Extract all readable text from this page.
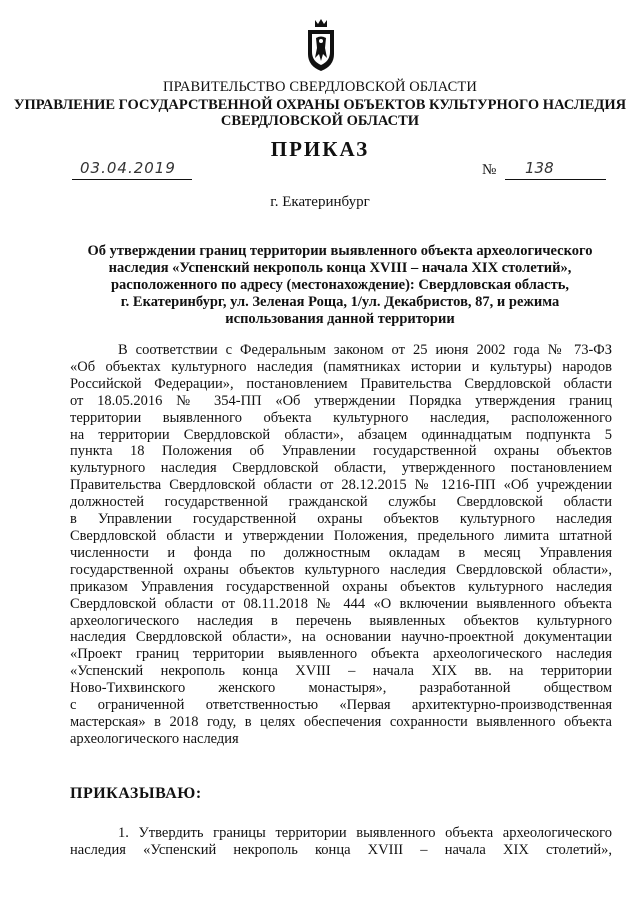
ПРАВИТЕЛЬСТВО СВЕРДЛОВСКОЙ ОБЛАСТИ
УПРАВЛЕНИЕ ГОСУДАРСТВЕННОЙ ОХРАНЫ ОБЪЕКТОВ КУЛЬТУРНОГО НАСЛЕДИЯ
СВЕРДЛОВСКОЙ ОБЛАСТИ
ПРИКАЗ
03.04.2019	№ 138
г. Екатеринбург
Об утверждении границ территории выявленного объекта археологического
наследия «Успенский некрополь конца XVIII – начала XIX столетий»,
расположенного по адресу (местонахождение): Свердловская область,
г. Екатеринбург, ул. Зеленая Роща, 1/ул. Декабристов, 87, и режима
использования данной территории
В соответствии с Федеральным законом от 25 июня 2002 года № 73-ФЗ
«Об объектах культурного наследия (памятниках истории и культуры) народов
Российской Федерации», постановлением Правительства Свердловской области
от 18.05.2016 № 354-ПП «Об утверждении Порядка утверждения границ
территории выявленного объекта культурного наследия, расположенного
на территории Свердловской области», абзацем одиннадцатым подпункта 5
пункта 18 Положения об Управлении государственной охраны объектов
культурного наследия Свердловской области, утвержденного постановлением
Правительства Свердловской области от 28.12.2015 № 1216-ПП «Об учреждении
должностей государственной гражданской службы Свердловской области
в Управлении государственной охраны объектов культурного наследия
Свердловской области и утверждении Положения, предельного лимита штатной
численности и фонда по должностным окладам в месяц Управления
государственной охраны объектов культурного наследия Свердловской области»,
приказом Управления государственной охраны объектов культурного наследия
Свердловской области от 08.11.2018 № 444 «О включении выявленного объекта
археологического наследия в перечень выявленных объектов культурного
наследия Свердловской области», на основании научно-проектной документации
«Проект границ территории выявленного объекта археологического наследия
«Успенский некрополь конца XVIII – начала XIX вв. на территории
Ново-Тихвинского женского монастыря», разработанной обществом
с ограниченной ответственностью «Первая архитектурно-производственная
мастерская» в 2018 году, в целях обеспечения сохранности выявленного объекта
археологического наследия
ПРИКАЗЫВАЮ:
1. Утвердить границы территории выявленного объекта археологического
наследия «Успенский некрополь конца XVIII – начала XIX столетий»,
